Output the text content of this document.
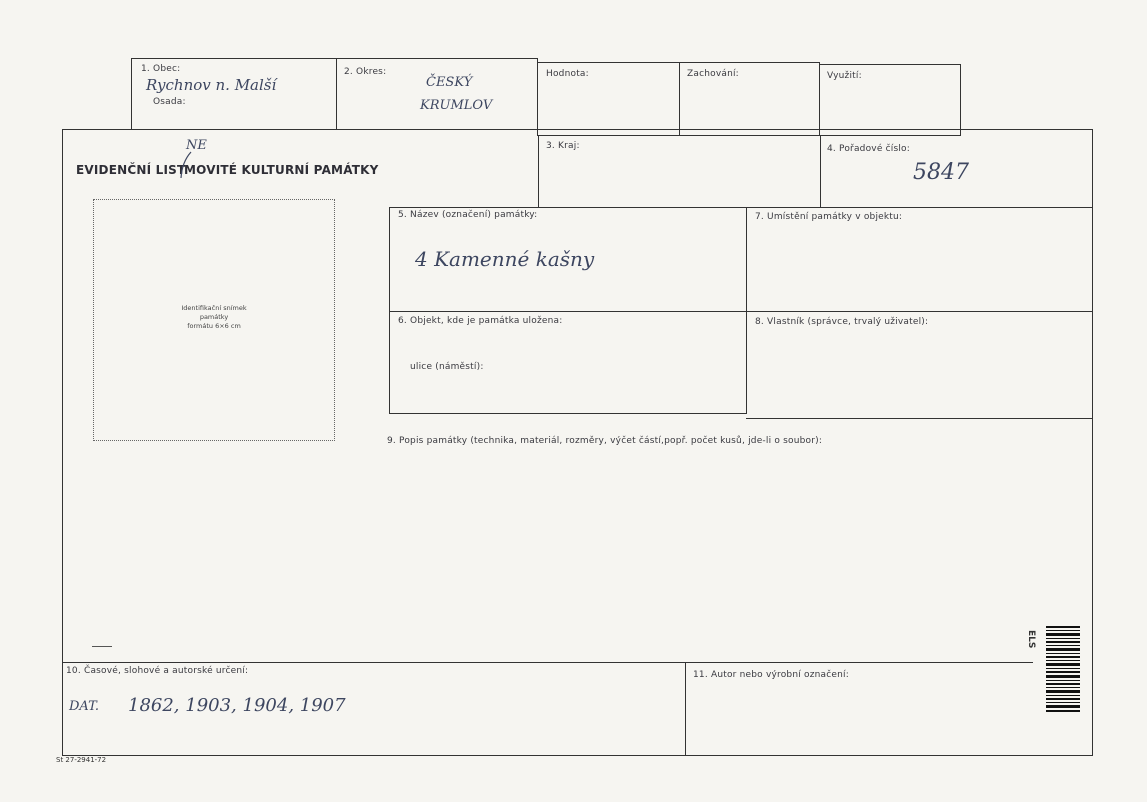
1. Obec:
Rychnov n. Malší
Osada:
2. Okres:
ČESKÝ
KRUMLOV
Hodnota:	Zachování:	Využití:
NE
EVIDENČNÍ LIST
MOVITÉ KULTURNÍ PAMÁTKY
3. Kraj:	4. Pořadové číslo:
5847
Identifikační snímek
památky
formátu 6×6 cm
5. Název (označení) památky:
4 Kamenné kašny
7. Umístění památky v objektu:
6. Objekt, kde je památka uložena:
ulice (náměstí):
8. Vlastník (správce, trvalý uživatel):
9. Popis památky (technika, materiál, rozměry, výčet částí,popř. počet kusů, jde-li o soubor):
10. Časové, slohové a autorské určení:
DAT. 1862, 1903, 1904, 1907
11. Autor nebo výrobní označení:
ELS
St 27-2941-72
